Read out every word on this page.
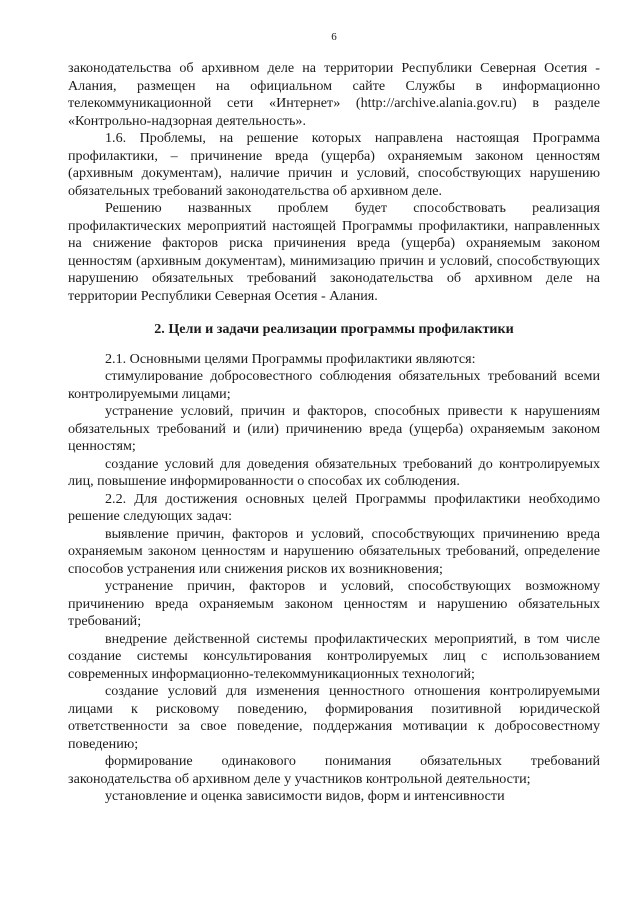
6

законодательства об архивном деле на территории Республики Северная Осетия - Алания, размещен на официальном сайте Службы в информационно телекоммуникационной сети «Интернет» (http://archive.alania.gov.ru) в разделе «Контрольно-надзорная деятельность».

1.6. Проблемы, на решение которых направлена настоящая Программа профилактики, – причинение вреда (ущерба) охраняемым законом ценностям (архивным документам), наличие причин и условий, способствующих нарушению обязательных требований законодательства об архивном деле.

Решению названных проблем будет способствовать реализация профилактических мероприятий настоящей Программы профилактики, направленных на снижение факторов риска причинения вреда (ущерба) охраняемым законом ценностям (архивным документам), минимизацию причин и условий, способствующих нарушению обязательных требований законодательства об архивном деле на территории Республики Северная Осетия - Алания.

2. Цели и задачи реализации программы профилактики

2.1. Основными целями Программы профилактики являются:

стимулирование добросовестного соблюдения обязательных требований всеми контролируемыми лицами;

устранение условий, причин и факторов, способных привести к нарушениям обязательных требований и (или) причинению вреда (ущерба) охраняемым законом ценностям;

создание условий для доведения обязательных требований до контролируемых лиц, повышение информированности о способах их соблюдения.

2.2. Для достижения основных целей Программы профилактики необходимо решение следующих задач:

выявление причин, факторов и условий, способствующих причинению вреда охраняемым законом ценностям и нарушению обязательных требований, определение способов устранения или снижения рисков их возникновения;

устранение причин, факторов и условий, способствующих возможному причинению вреда охраняемым законом ценностям и нарушению обязательных требований;

внедрение действенной системы профилактических мероприятий, в том числе создание системы консультирования контролируемых лиц с использованием современных информационно-телекоммуникационных технологий;

создание условий для изменения ценностного отношения контролируемыми лицами к рисковому поведению, формирования позитивной юридической ответственности за свое поведение, поддержания мотивации к добросовестному поведению;

формирование одинакового понимания обязательных требований законодательства об архивном деле у участников контрольной деятельности;

установление и оценка зависимости видов, форм и интенсивности
